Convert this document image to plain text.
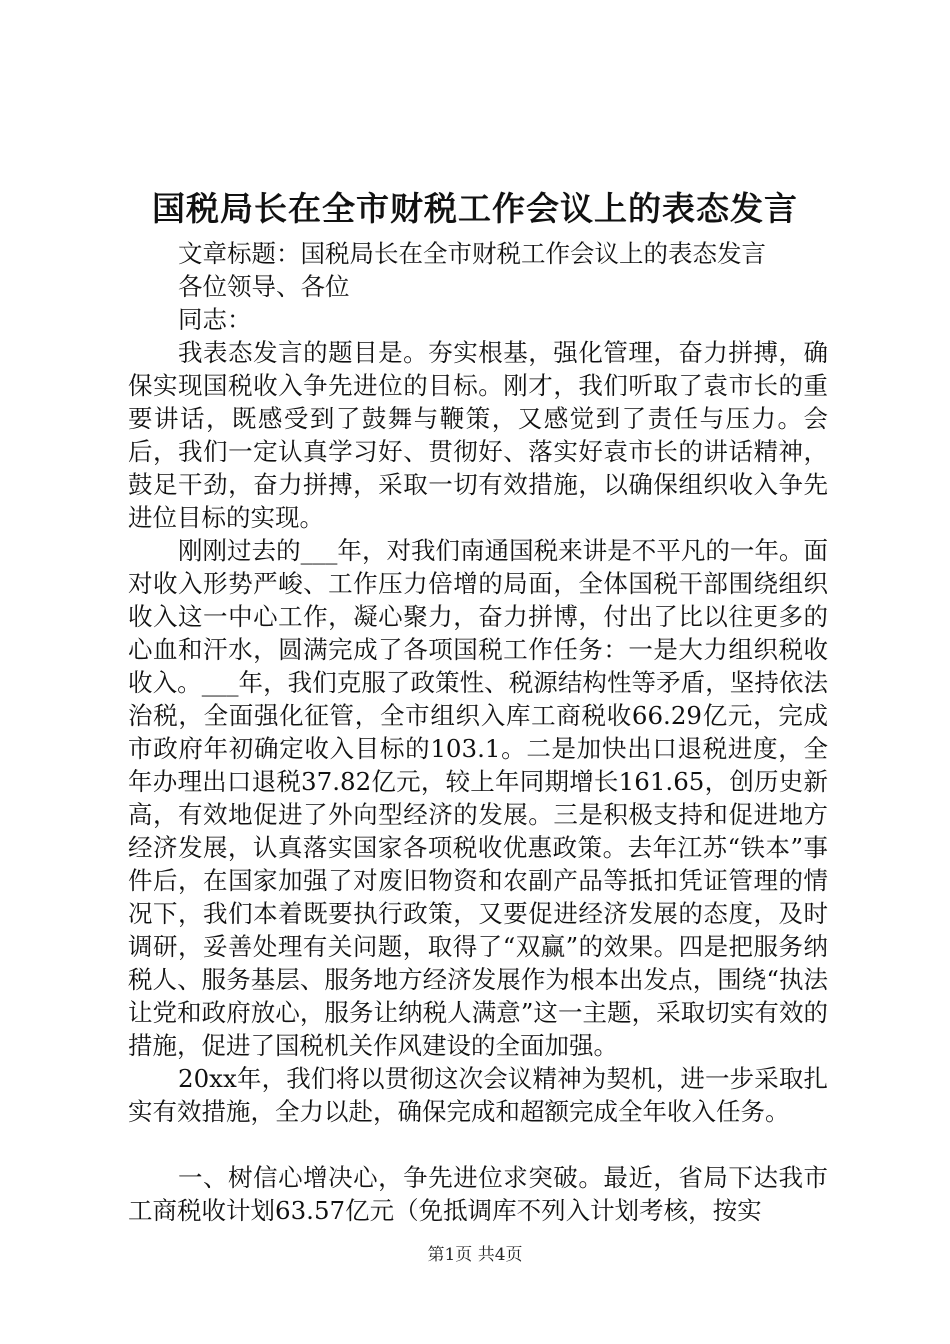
国税局长在全市财税工作会议上的表态发言

文章标题：国税局长在全市财税工作会议上的表态发言

各位领导、各位

同志：

我表态发言的题目是。夯实根基，强化管理，奋力拼搏，确保实现国税收入争先进位的目标。刚才，我们听取了袁市长的重要讲话，既感受到了鼓舞与鞭策，又感觉到了责任与压力。会后，我们一定认真学习好、贯彻好、落实好袁市长的讲话精神，鼓足干劲，奋力拼搏，采取一切有效措施，以确保组织收入争先进位目标的实现。

刚刚过去的___年，对我们南通国税来讲是不平凡的一年。面对收入形势严峻、工作压力倍增的局面，全体国税干部围绕组织收入这一中心工作，凝心聚力，奋力拼博，付出了比以往更多的心血和汗水，圆满完成了各项国税工作任务：一是大力组织税收收入。___年，我们克服了政策性、税源结构性等矛盾，坚持依法治税，全面强化征管，全市组织入库工商税收66.29亿元，完成市政府年初确定收入目标的103.1。二是加快出口退税进度，全年办理出口退税37.82亿元，较上年同期增长161.65，创历史新高，有效地促进了外向型经济的发展。三是积极支持和促进地方经济发展，认真落实国家各项税收优惠政策。去年江苏“铁本”事件后，在国家加强了对废旧物资和农副产品等抵扣凭证管理的情况下，我们本着既要执行政策，又要促进经济发展的态度，及时调研，妥善处理有关问题，取得了“双赢”的效果。四是把服务纳税人、服务基层、服务地方经济发展作为根本出发点，围绕“执法让党和政府放心，服务让纳税人满意”这一主题，采取切实有效的措施，促进了国税机关作风建设的全面加强。

20xx年，我们将以贯彻这次会议精神为契机，进一步采取扎实有效措施，全力以赴，确保完成和超额完成全年收入任务。

一、树信心增决心，争先进位求突破。最近，省局下达我市工商税收计划63.57亿元（免抵调库不列入计划考核，按实

第1页 共4页
